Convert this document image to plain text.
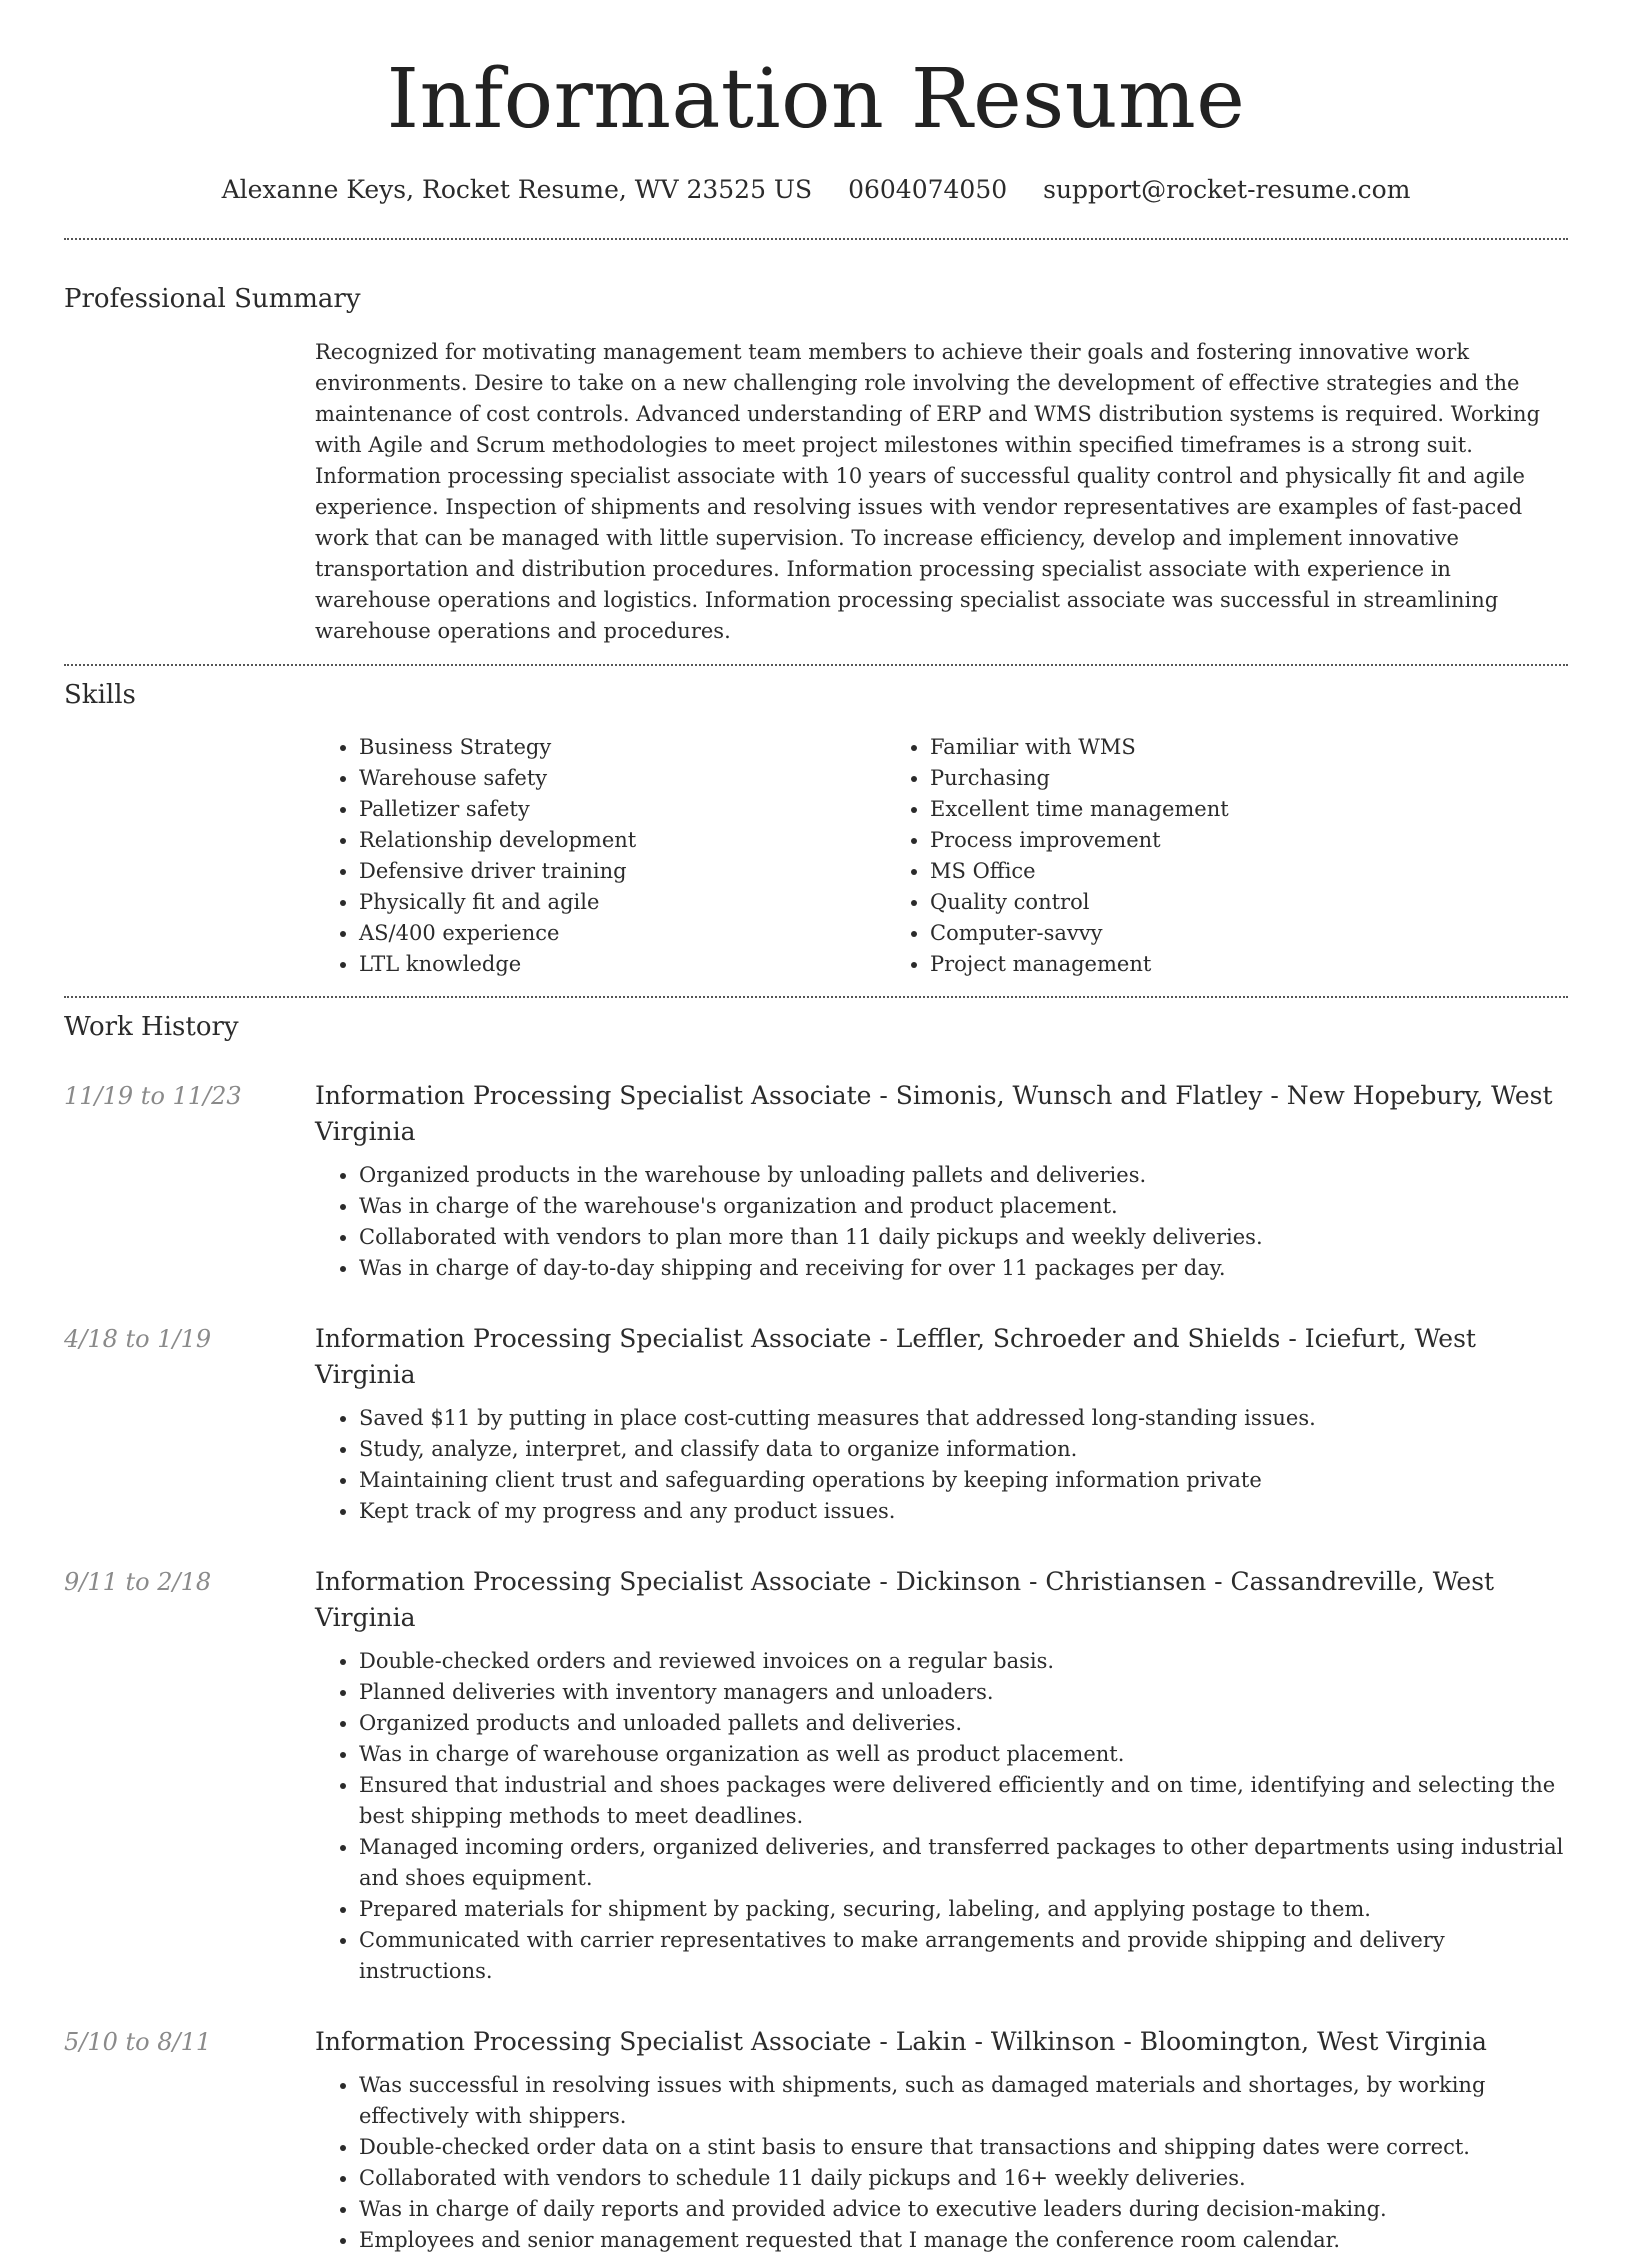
Information Resume
Alexanne Keys, Rocket Resume, WV 23525 US 0604074050 support@rocket-resume.com
Professional Summary

Recognized for motivating management team members to achieve their goals and fostering innovative work environments. Desire to take on a new challenging role involving the development of effective strategies and the maintenance of cost controls. Advanced understanding of ERP and WMS distribution systems is required. Working with Agile and Scrum methodologies to meet project milestones within specified timeframes is a strong suit. Information processing specialist associate with 10 years of successful quality control and physically fit and agile experience. Inspection of shipments and resolving issues with vendor representatives are examples of fast-paced work that can be managed with little supervision. To increase efficiency, develop and implement innovative transportation and distribution procedures. Information processing specialist associate with experience in warehouse operations and logistics. Information processing specialist associate was successful in streamlining warehouse operations and procedures.

Skills
• Business Strategy
• Warehouse safety
• Palletizer safety
• Relationship development
• Defensive driver training
• Physically fit and agile
• AS/400 experience
• LTL knowledge
• Familiar with WMS
• Purchasing
• Excellent time management
• Process improvement
• MS Office
• Quality control
• Computer-savvy
• Project management
Work History
11/19 to 11/23	Information Processing Specialist Associate - Simonis, Wunsch and Flatley - New Hopebury, West Virginia
• Organized products in the warehouse by unloading pallets and deliveries.
• Was in charge of the warehouse's organization and product placement.
• Collaborated with vendors to plan more than 11 daily pickups and weekly deliveries.
• Was in charge of day-to-day shipping and receiving for over 11 packages per day.
4/18 to 1/19	Information Processing Specialist Associate - Leffler, Schroeder and Shields - Iciefurt, West Virginia
• Saved $11 by putting in place cost-cutting measures that addressed long-standing issues.
• Study, analyze, interpret, and classify data to organize information.
• Maintaining client trust and safeguarding operations by keeping information private
• Kept track of my progress and any product issues.
9/11 to 2/18	Information Processing Specialist Associate - Dickinson - Christiansen - Cassandreville, West Virginia
• Double-checked orders and reviewed invoices on a regular basis.
• Planned deliveries with inventory managers and unloaders.
• Organized products and unloaded pallets and deliveries.
• Was in charge of warehouse organization as well as product placement.
• Ensured that industrial and shoes packages were delivered efficiently and on time, identifying and selecting the best shipping methods to meet deadlines.
• Managed incoming orders, organized deliveries, and transferred packages to other departments using industrial and shoes equipment.
• Prepared materials for shipment by packing, securing, labeling, and applying postage to them.
• Communicated with carrier representatives to make arrangements and provide shipping and delivery instructions.
5/10 to 8/11	Information Processing Specialist Associate - Lakin - Wilkinson - Bloomington, West Virginia
• Was successful in resolving issues with shipments, such as damaged materials and shortages, by working effectively with shippers.
• Double-checked order data on a stint basis to ensure that transactions and shipping dates were correct.
• Collaborated with vendors to schedule 11 daily pickups and 16+ weekly deliveries.
• Was in charge of daily reports and provided advice to executive leaders during decision-making.
• Employees and senior management requested that I manage the conference room calendar.
